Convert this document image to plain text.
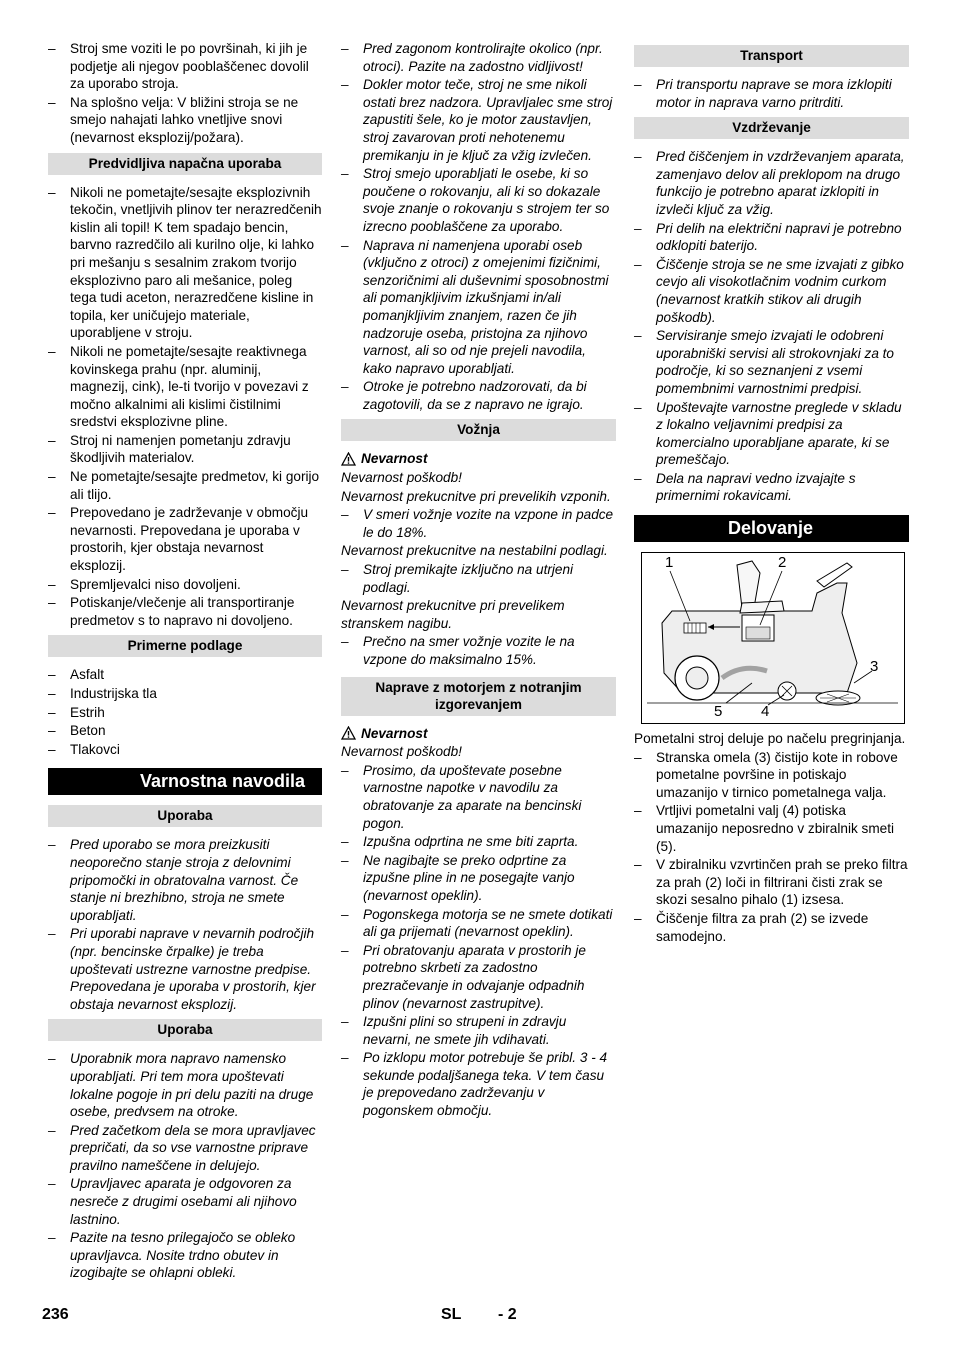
– Stroj sme voziti le po površinah, ki jih je podjetje ali njegov pooblaščenec dovolil za uporabo stroja.
– Na splošno velja: V bližini stroja se ne smejo nahajati lahko vnetljive snovi (nevarnost eksplozij/požara).
Predvidljiva napačna uporaba
– Nikoli ne pometajte/sesajte eksplozivnih tekočin, vnetljivih plinov ter nerazredčenih kislin ali topil! K tem spadajo bencin, barvno razredčilo ali kurilno olje, ki lahko pri mešanju s sesalnim zrakom tvorijo eksplozivno paro ali mešanice, poleg tega tudi aceton, nerazredčene kisline in topila, ker uničujejo materiale, uporabljene v stroju.
– Nikoli ne pometajte/sesajte reaktivnega kovinskega prahu (npr. aluminij, magnezij, cink), le-ti tvorijo v povezavi z močno alkalnimi ali kislimi čistilnimi sredstvi eksplozivne pline.
– Stroj ni namenjen pometanju zdravju škodljivih materialov.
– Ne pometajte/sesajte predmetov, ki gorijo ali tlijo.
– Prepovedano je zadrževanje v območju nevarnosti. Prepovedana je uporaba v prostorih, kjer obstaja nevarnost eksplozij.
– Spremljevalci niso dovoljeni.
– Potiskanje/vlečenje ali transportiranje predmetov s to napravo ni dovoljeno.
Primerne podlage
– Asfalt
– Industrijska tla
– Estrih
– Beton
– Tlakovci
Varnostna navodila
Uporaba
– Pred uporabo se mora preizkusiti neoporečno stanje stroja z delovnimi pripomočki in obratovalna varnost. Če stanje ni brezhibno, stroja ne smete uporabljati.
– Pri uporabi naprave v nevarnih področjih (npr. bencinske črpalke) je treba upoštevati ustrezne varnostne predpise. Prepovedana je uporaba v prostorih, kjer obstaja nevarnost eksplozij.
Uporaba
– Uporabnik mora napravo namensko uporabljati. Pri tem mora upoštevati lokalne pogoje in pri delu paziti na druge osebe, predvsem na otroke.
– Pred začetkom dela se mora upravljavec prepričati, da so vse varnostne priprave pravilno nameščene in delujejo.
– Upravljavec aparata je odgovoren za nesreče z drugimi osebami ali njihovo lastnino.
– Pazite na tesno prilegajočo se obleko upravljavca. Nosite trdno obutev in izogibajte se ohlapni obleki.
– Pred zagonom kontrolirajte okolico (npr. otroci). Pazite na zadostno vidljivost!
– Dokler motor teče, stroj ne sme nikoli ostati brez nadzora. Upravljalec sme stroj zapustiti šele, ko je motor zaustavljen, stroj zavarovan proti nehotenemu premikanju in je ključ za vžig izvlečen.
– Stroj smejo uporabljati le osebe, ki so poučene o rokovanju, ali ki so dokazale svoje znanje o rokovanju s strojem ter so izrecno pooblaščene za uporabo.
– Naprava ni namenjena uporabi oseb (vključno z otroci) z omejenimi fizičnimi, senzoričnimi ali duševnimi sposobnostmi ali pomanjkljivim izkušnjami in/ali pomanjkljivim znanjem, razen če jih nadzoruje oseba, pristojna za njihovo varnost, ali so od nje prejeli navodila, kako napravo uporabljati.
– Otroke je potrebno nadzorovati, da bi zagotovili, da se z napravo ne igrajo.
Vožnja
Nevarnost
Nevarnost poškodb!
Nevarnost prekucnitve pri prevelikih vzponih.
– V smeri vožnje vozite na vzpone in padce le do 18%.
Nevarnost prekucnitve na nestabilni podlagi.
– Stroj premikajte izključno na utrjeni podlagi.
Nevarnost prekucnitve pri prevelikem stranskem nagibu.
– Prečno na smer vožnje vozite le na vzpone do maksimalno 15%.
Naprave z motorjem z notranjim izgorevanjem
Nevarnost
Nevarnost poškodb!
– Prosimo, da upoštevate posebne varnostne napotke v navodilu za obratovanje za aparate na bencinski pogon.
– Izpušna odprtina ne sme biti zaprta.
– Ne nagibajte se preko odprtine za izpušne pline in ne posegajte vanjo (nevarnost opeklin).
– Pogonskega motorja se ne smete dotikati ali ga prijemati (nevarnost opeklin).
– Pri obratovanju aparata v prostorih je potrebno skrbeti za zadostno prezračevanje in odvajanje odpadnih plinov (nevarnost zastrupitve).
– Izpušni plini so strupeni in zdravju nevarni, ne smete jih vdihavati.
– Po izklopu motor potrebuje še pribl. 3 - 4 sekunde podaljšanega teka. V tem času je prepovedano zadrževanju v pogonskem območju.
Transport
– Pri transportu naprave se mora izklopiti motor in naprava varno pritrditi.
Vzdrževanje
– Pred čiščenjem in vzdrževanjem aparata, zamenjavo delov ali preklopom na drugo funkcijo je potrebno aparat izklopiti in izvleči ključ za vžig.
– Pri delih na električni napravi je potrebno odklopiti baterijo.
– Čiščenje stroja se ne sme izvajati z gibko cevjo ali visokotlačnim vodnim curkom (nevarnost kratkih stikov ali drugih poškodb).
– Servisiranje smejo izvajati le odobreni uporabniški servisi ali strokovnjaki za to področje, ki so seznanjeni z vsemi pomembnimi varnostnimi predpisi.
– Upoštevajte varnostne preglede v skladu z lokalno veljavnimi predpisi za komercialno uporabljane aparate, ki se premeščajo.
– Dela na napravi vedno izvajajte s primernimi rokavicami.
Delovanje
1	2
3
5	4
Pometalni stroj deluje po načelu pregrinjanja.
– Stranska omela (3) čistijo kote in robove pometalne površine in potiskajo umazanijo v tirnico pometalnega valja.
– Vrtljivi pometalni valj (4) potiska umazanijo neposredno v zbiralnik smeti (5).
– V zbiralniku vzvrtinčen prah se preko filtra za prah (2) loči in filtrirani čisti zrak se skozi sesalno pihalo (1) izsesa.
– Čiščenje filtra za prah (2) se izvede samodejno.
236	SL - 2
